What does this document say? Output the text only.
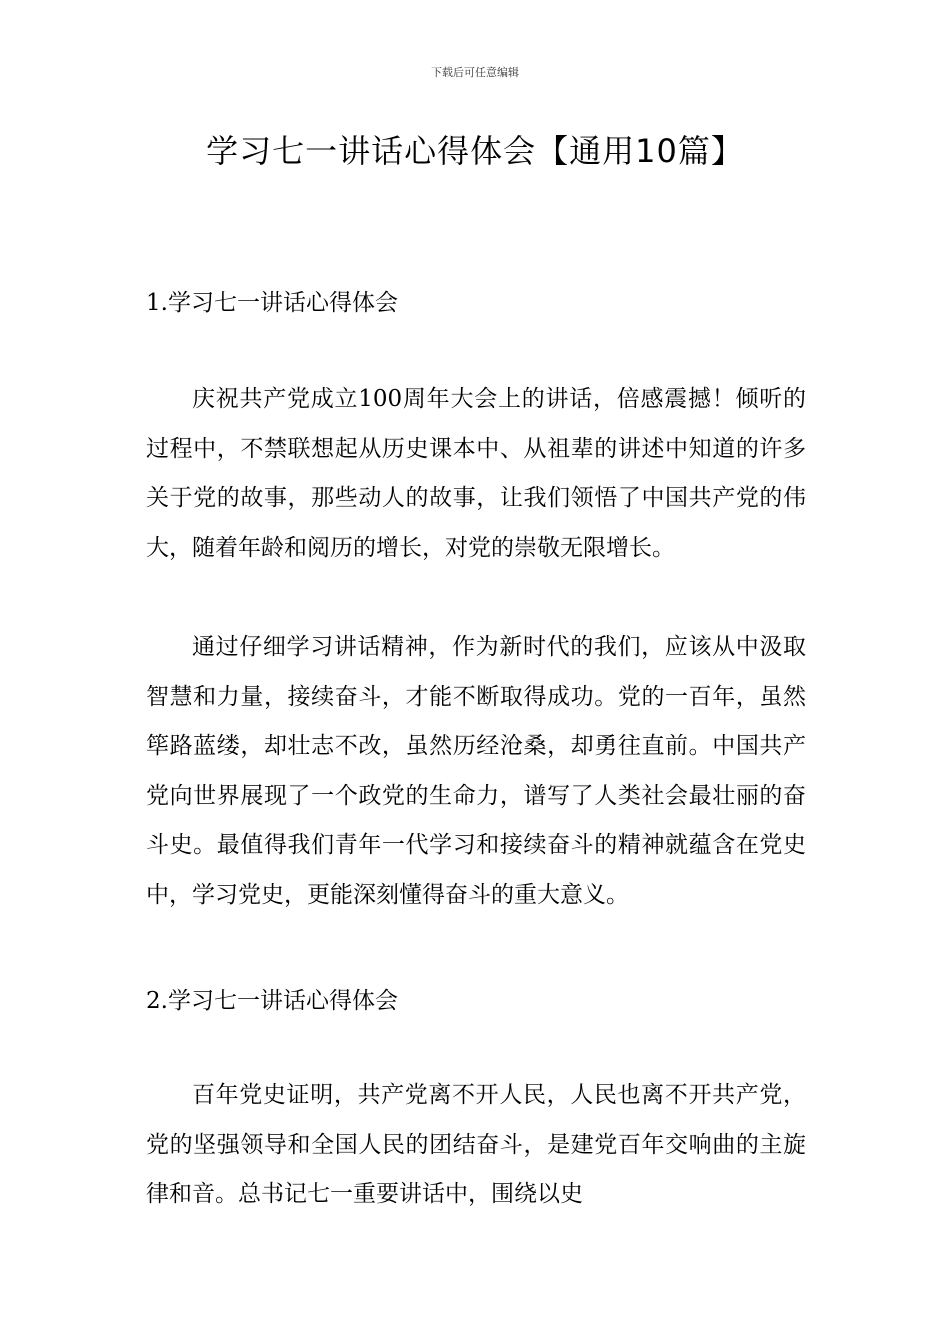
下载后可任意编辑
学习七一讲话心得体会【通用10篇】
1.学习七一讲话心得体会

庆祝共产党成立100周年大会上的讲话，倍感震撼！倾听的过程中，不禁联想起从历史课本中、从祖辈的讲述中知道的许多关于党的故事，那些动人的故事，让我们领悟了中国共产党的伟大，随着年龄和阅历的增长，对党的崇敬无限增长。

通过仔细学习讲话精神，作为新时代的我们，应该从中汲取智慧和力量，接续奋斗，才能不断取得成功。党的一百年，虽然筚路蓝缕，却壮志不改，虽然历经沧桑，却勇往直前。中国共产党向世界展现了一个政党的生命力，谱写了人类社会最壮丽的奋斗史。最值得我们青年一代学习和接续奋斗的精神就蕴含在党史中，学习党史，更能深刻懂得奋斗的重大意义。

2.学习七一讲话心得体会

百年党史证明，共产党离不开人民，人民也离不开共产党，党的坚强领导和全国人民的团结奋斗，是建党百年交响曲的主旋律和音。总书记七一重要讲话中，围绕以史
